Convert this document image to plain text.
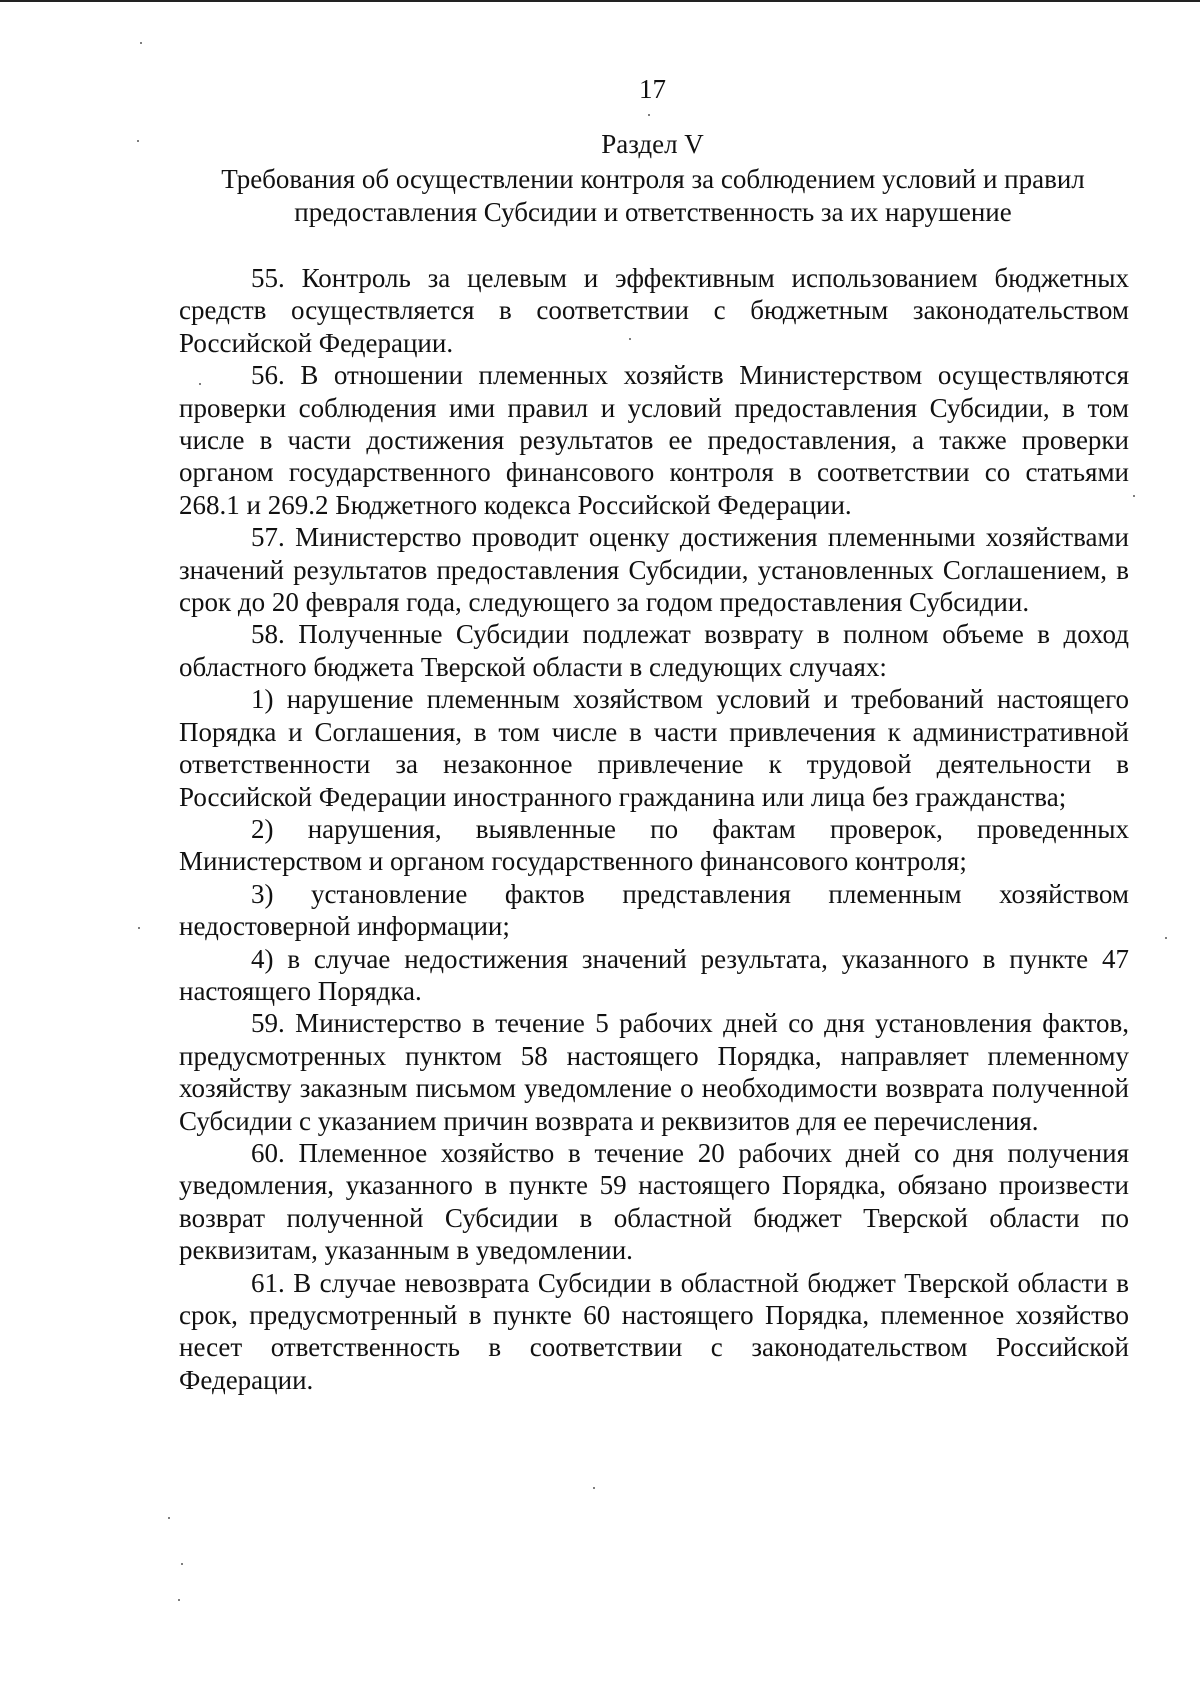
17
Раздел V
Требования об осуществлении контроля за соблюдением условий и правил предоставления Субсидии и ответственность за их нарушение

55. Контроль за целевым и эффективным использованием бюджетных средств осуществляется в соответствии с бюджетным законодательством Российской Федерации.

56. В отношении племенных хозяйств Министерством осуществляются проверки соблюдения ими правил и условий предоставления Субсидии, в том числе в части достижения результатов ее предоставления, а также проверки органом государственного финансового контроля в соответствии со статьями 268.1 и 269.2 Бюджетного кодекса Российской Федерации.

57. Министерство проводит оценку достижения племенными хозяйствами значений результатов предоставления Субсидии, установленных Соглашением, в срок до 20 февраля года, следующего за годом предоставления Субсидии.

58. Полученные Субсидии подлежат возврату в полном объеме в доход областного бюджета Тверской области в следующих случаях:

1) нарушение племенным хозяйством условий и требований настоящего Порядка и Соглашения, в том числе в части привлечения к административной ответственности за незаконное привлечение к трудовой деятельности в Российской Федерации иностранного гражданина или лица без гражданства;

2) нарушения, выявленные по фактам проверок, проведенных Министерством и органом государственного финансового контроля;

3) установление фактов представления племенным хозяйством недостоверной информации;

4) в случае недостижения значений результата, указанного в пункте 47 настоящего Порядка.

59. Министерство в течение 5 рабочих дней со дня установления фактов, предусмотренных пунктом 58 настоящего Порядка, направляет племенному хозяйству заказным письмом уведомление о необходимости возврата полученной Субсидии с указанием причин возврата и реквизитов для ее перечисления.

60. Племенное хозяйство в течение 20 рабочих дней со дня получения уведомления, указанного в пункте 59 настоящего Порядка, обязано произвести возврат полученной Субсидии в областной бюджет Тверской области по реквизитам, указанным в уведомлении.

61. В случае невозврата Субсидии в областной бюджет Тверской области в срок, предусмотренный в пункте 60 настоящего Порядка, племенное хозяйство несет ответственность в соответствии с законодательством Российской Федерации.
